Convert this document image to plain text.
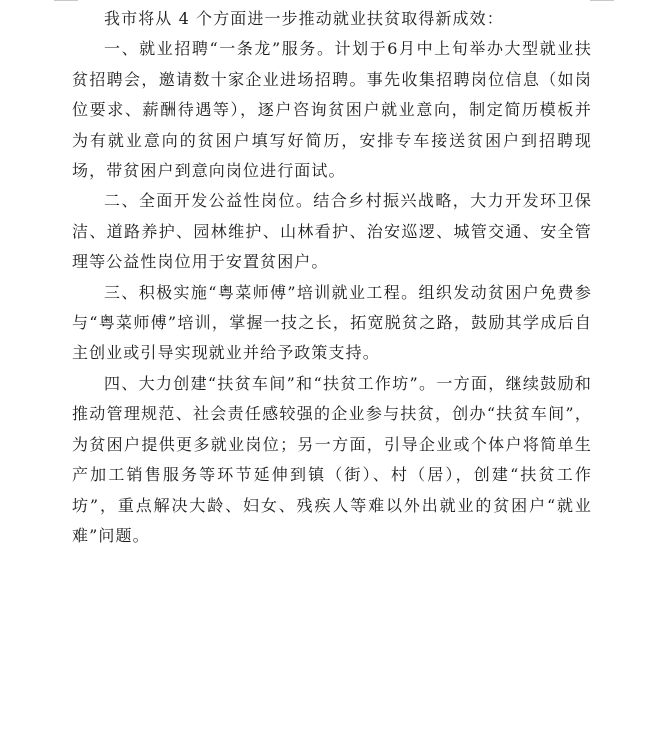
我市将从 4 个方面进一步推动就业扶贫取得新成效：

一、就业招聘“一条龙”服务。计划于6月中上旬举办大型就业扶贫招聘会，邀请数十家企业进场招聘。事先收集招聘岗位信息（如岗位要求、薪酬待遇等），逐户咨询贫困户就业意向，制定简历模板并为有就业意向的贫困户填写好简历，安排专车接送贫困户到招聘现场，带贫困户到意向岗位进行面试。

二、全面开发公益性岗位。结合乡村振兴战略，大力开发环卫保洁、道路养护、园林维护、山林看护、治安巡逻、城管交通、安全管理等公益性岗位用于安置贫困户。

三、积极实施“粤菜师傅”培训就业工程。组织发动贫困户免费参与“粤菜师傅”培训，掌握一技之长，拓宽脱贫之路，鼓励其学成后自主创业或引导实现就业并给予政策支持。

四、大力创建“扶贫车间”和“扶贫工作坊”。一方面，继续鼓励和推动管理规范、社会责任感较强的企业参与扶贫，创办“扶贫车间”，为贫困户提供更多就业岗位；另一方面，引导企业或个体户将简单生产加工销售服务等环节延伸到镇（街）、村（居），创建“扶贫工作坊”，重点解决大龄、妇女、残疾人等难以外出就业的贫困户“就业难”问题。
